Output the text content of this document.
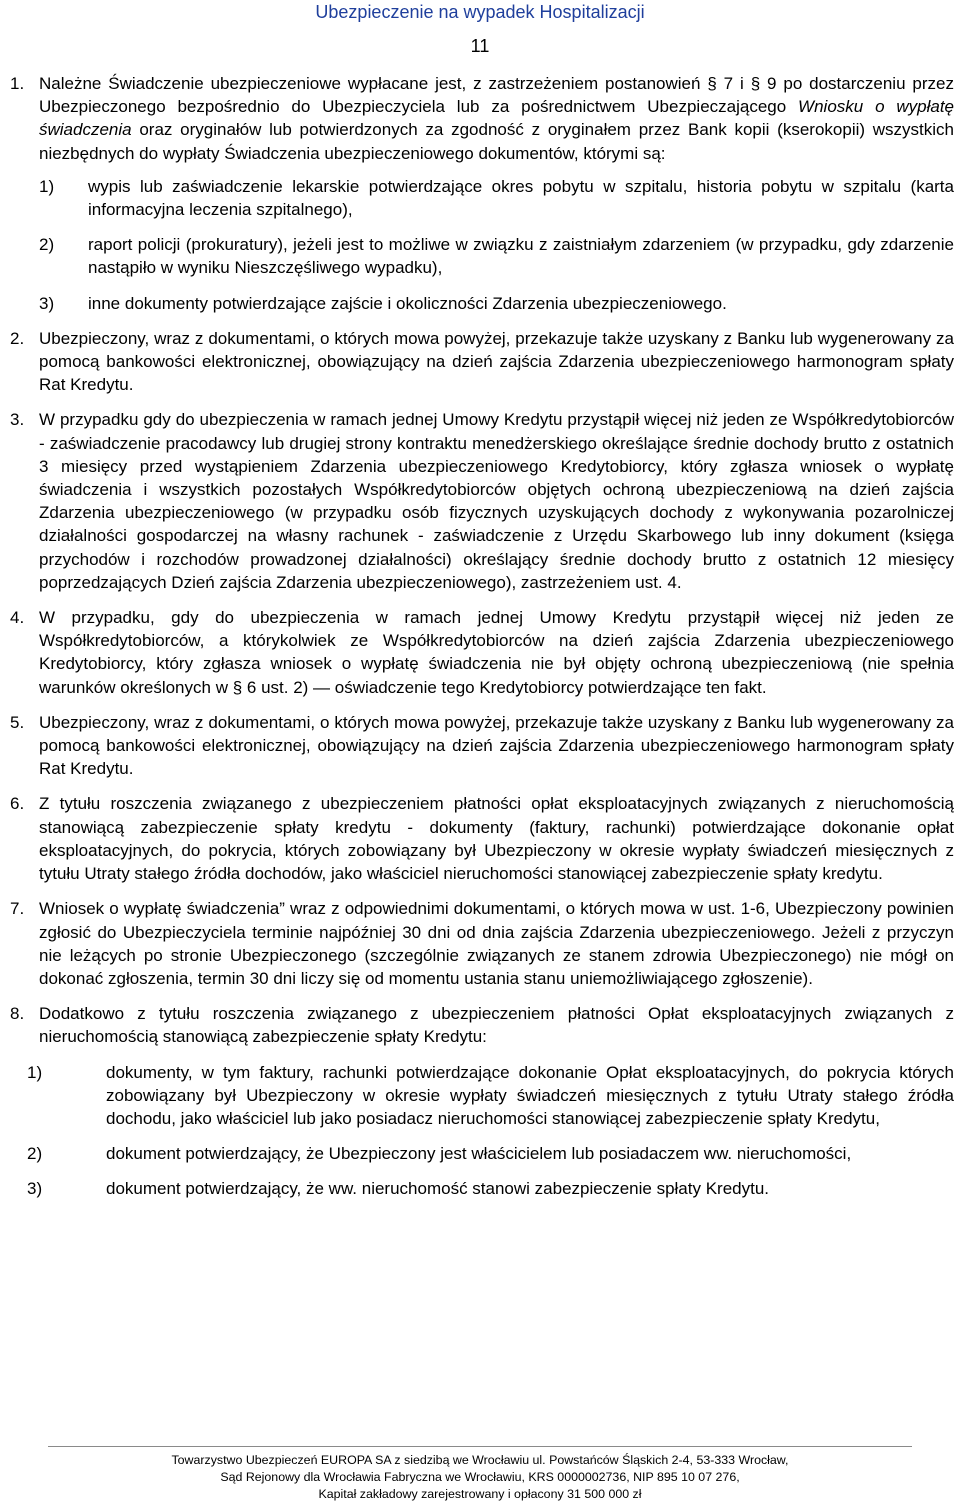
Ubezpieczenie na wypadek Hospitalizacji
11
1. Należne Świadczenie ubezpieczeniowe wypłacane jest, z zastrzeżeniem postanowień § 7 i § 9 po dostarczeniu przez Ubezpieczonego bezpośrednio do Ubezpieczyciela lub za pośrednictwem Ubezpieczającego Wniosku o wypłatę świadczenia oraz oryginałów lub potwierdzonych za zgodność z oryginałem przez Bank kopii (kserokopii) wszystkich niezbędnych do wypłaty Świadczenia ubezpieczeniowego dokumentów, którymi są:

1)	wypis lub zaświadczenie lekarskie potwierdzające okres pobytu w szpitalu, historia pobytu w szpitalu (karta informacyjna leczenia szpitalnego),
2)	raport policji (prokuratury), jeżeli jest to możliwe w związku z zaistniałym zdarzeniem (w przypadku, gdy zdarzenie nastąpiło w wyniku Nieszczęśliwego wypadku),
3)	inne dokumenty potwierdzające zajście i okoliczności Zdarzenia ubezpieczeniowego.
2. Ubezpieczony, wraz z dokumentami, o których mowa powyżej, przekazuje także uzyskany z Banku lub wygenerowany za pomocą bankowości elektronicznej, obowiązujący na dzień zajścia Zdarzenia ubezpieczeniowego harmonogram spłaty Rat Kredytu.

3. W przypadku gdy do ubezpieczenia w ramach jednej Umowy Kredytu przystąpił więcej niż jeden ze Współkredytobiorców - zaświadczenie pracodawcy lub drugiej strony kontraktu menedżerskiego określające średnie dochody brutto z ostatnich 3 miesięcy przed wystąpieniem Zdarzenia ubezpieczeniowego Kredytobiorcy, który zgłasza wniosek o wypłatę świadczenia i wszystkich pozostałych Współkredytobiorców objętych ochroną ubezpieczeniową na dzień zajścia Zdarzenia ubezpieczeniowego (w przypadku osób fizycznych uzyskujących dochody z wykonywania pozarolniczej działalności gospodarczej na własny rachunek - zaświadczenie z Urzędu Skarbowego lub inny dokument (księga przychodów i rozchodów prowadzonej działalności) określający średnie dochody brutto z ostatnich 12 miesięcy poprzedzających Dzień zajścia Zdarzenia ubezpieczeniowego), zastrzeżeniem ust. 4.

4. W przypadku, gdy do ubezpieczenia w ramach jednej Umowy Kredytu przystąpił więcej niż jeden ze Współkredytobiorców, a którykolwiek ze Współkredytobiorców na dzień zajścia Zdarzenia ubezpieczeniowego Kredytobiorcy, który zgłasza wniosek o wypłatę świadczenia nie był objęty ochroną ubezpieczeniową (nie spełnia warunków określonych w § 6 ust. 2) — oświadczenie tego Kredytobiorcy potwierdzające ten fakt.

5. Ubezpieczony, wraz z dokumentami, o których mowa powyżej, przekazuje także uzyskany z Banku lub wygenerowany za pomocą bankowości elektronicznej, obowiązujący na dzień zajścia Zdarzenia ubezpieczeniowego harmonogram spłaty Rat Kredytu.

6. Z tytułu roszczenia związanego z ubezpieczeniem płatności opłat eksploatacyjnych związanych z nieruchomością stanowiącą zabezpieczenie spłaty kredytu - dokumenty (faktury, rachunki) potwierdzające dokonanie opłat eksploatacyjnych, do pokrycia, których zobowiązany był Ubezpieczony w okresie wypłaty świadczeń miesięcznych z tytułu Utraty stałego źródła dochodów, jako właściciel nieruchomości stanowiącej zabezpieczenie spłaty kredytu.

7. Wniosek o wypłatę świadczenia” wraz z odpowiednimi dokumentami, o których mowa w ust. 1-6, Ubezpieczony powinien zgłosić do Ubezpieczyciela terminie najpóźniej 30 dni od dnia zajścia Zdarzenia ubezpieczeniowego. Jeżeli z przyczyn nie leżących po stronie Ubezpieczonego (szczególnie związanych ze stanem zdrowia Ubezpieczonego) nie mógł on dokonać zgłoszenia, termin 30 dni liczy się od momentu ustania stanu uniemożliwiającego zgłoszenie).

8. Dodatkowo z tytułu roszczenia związanego z ubezpieczeniem płatności Opłat eksploatacyjnych związanych z nieruchomością stanowiącą zabezpieczenie spłaty Kredytu:

1)	dokumenty, w tym faktury, rachunki potwierdzające dokonanie Opłat eksploatacyjnych, do pokrycia których zobowiązany był Ubezpieczony w okresie wypłaty świadczeń miesięcznych z tytułu Utraty stałego źródła dochodu, jako właściciel lub jako posiadacz nieruchomości stanowiącej zabezpieczenie spłaty Kredytu,
2)	dokument potwierdzający, że Ubezpieczony jest właścicielem lub posiadaczem ww. nieruchomości,
3)	dokument potwierdzający, że ww. nieruchomość stanowi zabezpieczenie spłaty Kredytu.
Towarzystwo Ubezpieczeń EUROPA SA z siedzibą we Wrocławiu ul. Powstańców Śląskich 2-4, 53-333 Wrocław,
Sąd Rejonowy dla Wrocławia Fabryczna we Wrocławiu, KRS 0000002736, NIP 895 10 07 276,
Kapitał zakładowy zarejestrowany i opłacony 31 500 000 zł
